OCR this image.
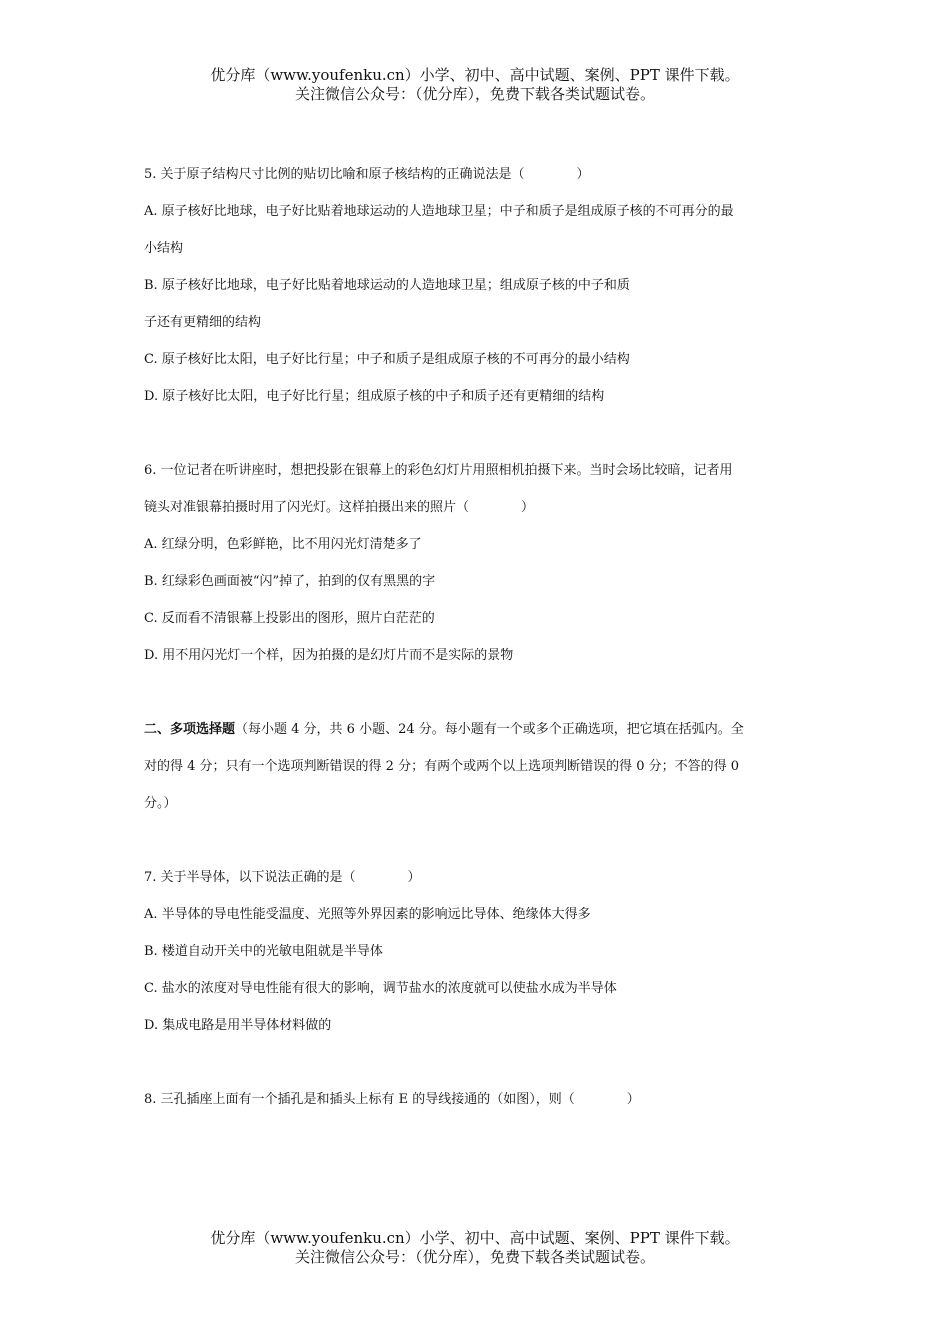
优分库（www.youfenku.cn）小学、初中、高中试题、案例、PPT 课件下载。
关注微信公众号：（优分库），免费下载各类试题试卷。
5. 关于原子结构尺寸比例的贴切比喻和原子核结构的正确说法是（　　　　）
A. 原子核好比地球，电子好比贴着地球运动的人造地球卫星；中子和质子是组成原子核的不可再分的最
小结构
B. 原子核好比地球，电子好比贴着地球运动的人造地球卫星；组成原子核的中子和质
子还有更精细的结构
C. 原子核好比太阳，电子好比行星；中子和质子是组成原子核的不可再分的最小结构
D. 原子核好比太阳，电子好比行星；组成原子核的中子和质子还有更精细的结构
6. 一位记者在听讲座时，想把投影在银幕上的彩色幻灯片用照相机拍摄下来。当时会场比较暗，记者用
镜头对准银幕拍摄时用了闪光灯。这样拍摄出来的照片（　　　　）
A. 红绿分明，色彩鲜艳，比不用闪光灯清楚多了
B. 红绿彩色画面被“闪”掉了，拍到的仅有黑黑的字
C. 反而看不清银幕上投影出的图形，照片白茫茫的
D. 用不用闪光灯一个样，因为拍摄的是幻灯片而不是实际的景物
二、多项选择题（每小题 4 分，共 6 小题、24 分。每小题有一个或多个正确选项，把它填在括弧内。全
对的得 4 分；只有一个选项判断错误的得 2 分；有两个或两个以上选项判断错误的得 0 分；不答的得 0
分。）
7. 关于半导体，以下说法正确的是（　　　　）
A. 半导体的导电性能受温度、光照等外界因素的影响远比导体、绝缘体大得多
B. 楼道自动开关中的光敏电阻就是半导体
C. 盐水的浓度对导电性能有很大的影响，调节盐水的浓度就可以使盐水成为半导体
D. 集成电路是用半导体材料做的
8. 三孔插座上面有一个插孔是和插头上标有 E 的导线接通的（如图），则（　　　　）
优分库（www.youfenku.cn）小学、初中、高中试题、案例、PPT 课件下载。
关注微信公众号：（优分库），免费下载各类试题试卷。
